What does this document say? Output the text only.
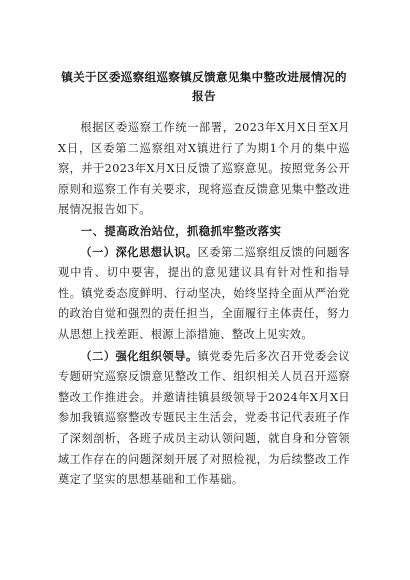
镇关于区委巡察组巡察镇反馈意见集中整改进展情况的报告

根据区委巡察工作统一部署，2023年X月X日至X月X日，区委第二巡察组对X镇进行了为期1个月的集中巡察，并于2023年X月X日反馈了巡察意见。按照党务公开原则和巡察工作有关要求，现将巡查反馈意见集中整改进展情况报告如下。

一、提高政治站位，抓稳抓牢整改落实

（一）深化思想认识。区委第二巡察组反馈的问题客观中肯、切中要害，提出的意见建议具有针对性和指导性。镇党委态度鲜明、行动坚决，始终坚持全面从严治党的政治自觉和强烈的责任担当，全面履行主体责任，努力从思想上找差距、根源上添措施、整改上见实效。

（二）强化组织领导。镇党委先后多次召开党委会议专题研究巡察反馈意见整改工作、组织相关人员召开巡察整改工作推进会。并邀请挂镇县级领导于2024年X月X日参加我镇巡察整改专题民主生活会，党委书记代表班子作了深刻剖析，各班子成员主动认领问题，就自身和分管领域工作存在的问题深刻开展了对照检视，为后续整改工作奠定了坚实的思想基础和工作基础。
